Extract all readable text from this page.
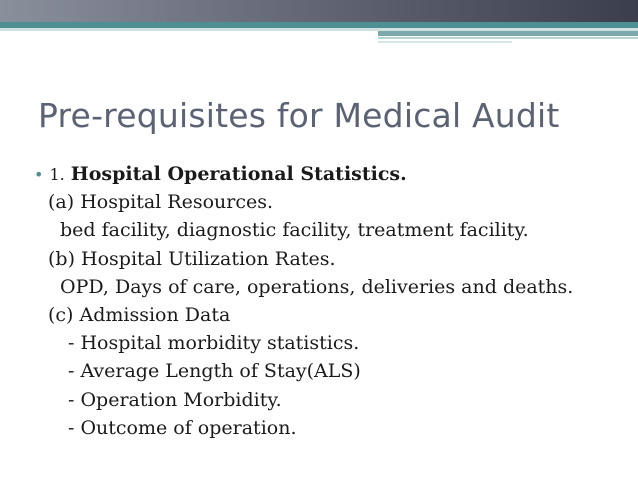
Pre-requisites for Medical Audit
• 1. Hospital Operational Statistics.
(a) Hospital Resources.
bed facility, diagnostic facility, treatment facility.
(b) Hospital Utilization Rates.
OPD, Days of care, operations, deliveries and deaths.
(c) Admission Data
- Hospital morbidity statistics.
- Average Length of Stay(ALS)
- Operation Morbidity.
- Outcome of operation.
